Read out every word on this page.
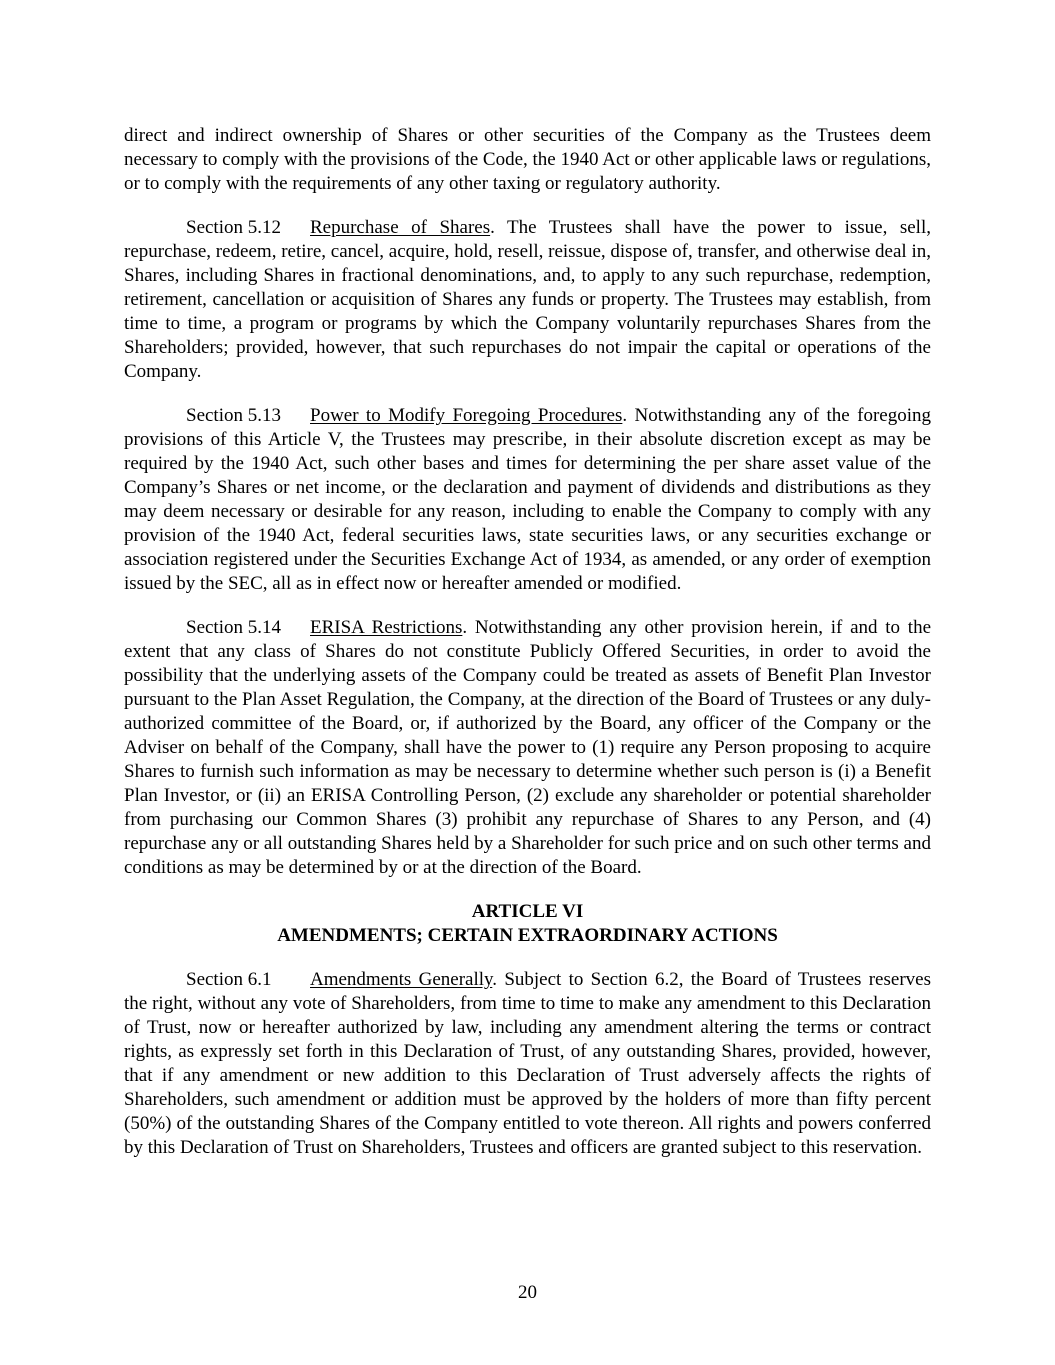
direct and indirect ownership of Shares or other securities of the Company as the Trustees deem necessary to comply with the provisions of the Code, the 1940 Act or other applicable laws or regulations, or to comply with the requirements of any other taxing or regulatory authority.

Section 5.12 Repurchase of Shares. The Trustees shall have the power to issue, sell, repurchase, redeem, retire, cancel, acquire, hold, resell, reissue, dispose of, transfer, and otherwise deal in, Shares, including Shares in fractional denominations, and, to apply to any such repurchase, redemption, retirement, cancellation or acquisition of Shares any funds or property. The Trustees may establish, from time to time, a program or programs by which the Company voluntarily repurchases Shares from the Shareholders; provided, however, that such repurchases do not impair the capital or operations of the Company.

Section 5.13 Power to Modify Foregoing Procedures. Notwithstanding any of the foregoing provisions of this Article V, the Trustees may prescribe, in their absolute discretion except as may be required by the 1940 Act, such other bases and times for determining the per share asset value of the Company’s Shares or net income, or the declaration and payment of dividends and distributions as they may deem necessary or desirable for any reason, including to enable the Company to comply with any provision of the 1940 Act, federal securities laws, state securities laws, or any securities exchange or association registered under the Securities Exchange Act of 1934, as amended, or any order of exemption issued by the SEC, all as in effect now or hereafter amended or modified.

Section 5.14 ERISA Restrictions. Notwithstanding any other provision herein, if and to the extent that any class of Shares do not constitute Publicly Offered Securities, in order to avoid the possibility that the underlying assets of the Company could be treated as assets of Benefit Plan Investor pursuant to the Plan Asset Regulation, the Company, at the direction of the Board of Trustees or any duly-authorized committee of the Board, or, if authorized by the Board, any officer of the Company or the Adviser on behalf of the Company, shall have the power to (1) require any Person proposing to acquire Shares to furnish such information as may be necessary to determine whether such person is (i) a Benefit Plan Investor, or (ii) an ERISA Controlling Person, (2) exclude any shareholder or potential shareholder from purchasing our Common Shares (3) prohibit any repurchase of Shares to any Person, and (4) repurchase any or all outstanding Shares held by a Shareholder for such price and on such other terms and conditions as may be determined by or at the direction of the Board.

ARTICLE VI
AMENDMENTS; CERTAIN EXTRAORDINARY ACTIONS

Section 6.1 Amendments Generally. Subject to Section 6.2, the Board of Trustees reserves the right, without any vote of Shareholders, from time to time to make any amendment to this Declaration of Trust, now or hereafter authorized by law, including any amendment altering the terms or contract rights, as expressly set forth in this Declaration of Trust, of any outstanding Shares, provided, however, that if any amendment or new addition to this Declaration of Trust adversely affects the rights of Shareholders, such amendment or addition must be approved by the holders of more than fifty percent (50%) of the outstanding Shares of the Company entitled to vote thereon. All rights and powers conferred by this Declaration of Trust on Shareholders, Trustees and officers are granted subject to this reservation.

20
